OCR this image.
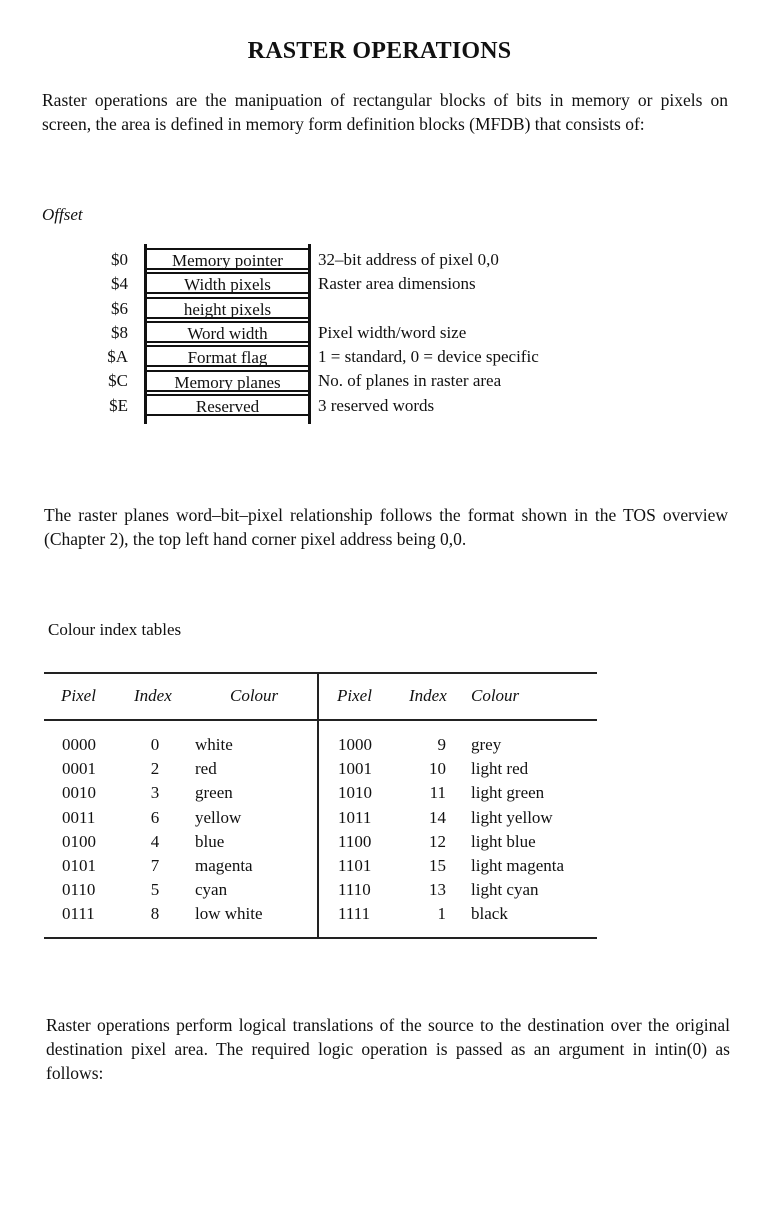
RASTER OPERATIONS
Raster operations are the manipuation of rectangular blocks of bits in memory or pixels on screen, the area is defined in memory form definition blocks (MFDB) that consists of:
Offset
$0
$4
$6
$8
$A
$C
$E
Memory pointer
Width pixels
height pixels
Word width
Format flag
Memory planes
Reserved
32–bit address of pixel 0,0
Raster area dimensions
Pixel width/word size
1 = standard, 0 = device specific
No. of planes in raster area
3 reserved words
The raster planes word–bit–pixel relationship follows the format shown in the TOS overview (Chapter 2), the top left hand corner pixel address being 0,0.
Colour index tables
Pixel Index	Colour	Pixel Index Colour
0000
0001
0010
0011
0100
0101
0110
0111
0
2
3
6
4
7
5
8
white
red
green
yellow
blue
magenta
cyan
low white
1000
1001
1010
1011
1100
1101
1110
1111
9
10
11
14
12
15
13
1
grey
light red
light green
light yellow
light blue
light magenta
light cyan
black
Raster operations perform logical translations of the source to the destination over the original destination pixel area. The required logic operation is passed as an argument in intin(0) as follows:
